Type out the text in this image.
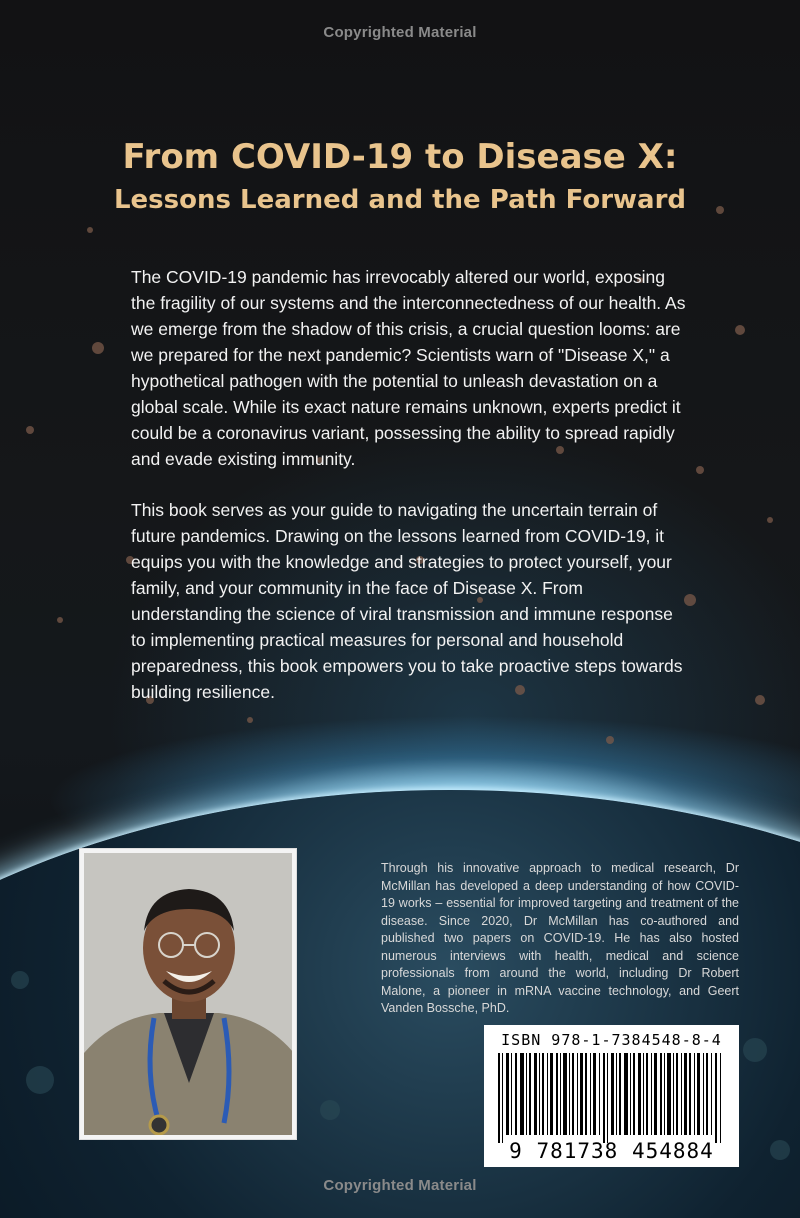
Copyrighted Material
From COVID-19 to Disease X:
Lessons Learned and the Path Forward

The COVID-19 pandemic has irrevocably altered our world, exposing the fragility of our systems and the interconnectedness of our health. As we emerge from the shadow of this crisis, a crucial question looms: are we prepared for the next pandemic? Scientists warn of "Disease X," a hypothetical pathogen with the potential to unleash devastation on a global scale. While its exact nature remains unknown, experts predict it could be a coronavirus variant, possessing the ability to spread rapidly and evade existing immunity.

This book serves as your guide to navigating the uncertain terrain of future pandemics. Drawing on the lessons learned from COVID-19, it equips you with the knowledge and strategies to protect yourself, your family, and your community in the face of Disease X. From understanding the science of viral transmission and immune response to implementing practical measures for personal and household preparedness, this book empowers you to take proactive steps towards building resilience.

Through his innovative approach to medical research, Dr McMillan has developed a deep understanding of how COVID-19 works – essential for improved targeting and treatment of the disease. Since 2020, Dr McMillan has co-authored and published two papers on COVID-19. He has also hosted numerous interviews with health, medical and science professionals from around the world, including Dr Robert Malone, a pioneer in mRNA vaccine technology, and Geert Vanden Bossche, PhD.

ISBN 978-1-7384548-8-4
9 781738 454884
Copyrighted Material
